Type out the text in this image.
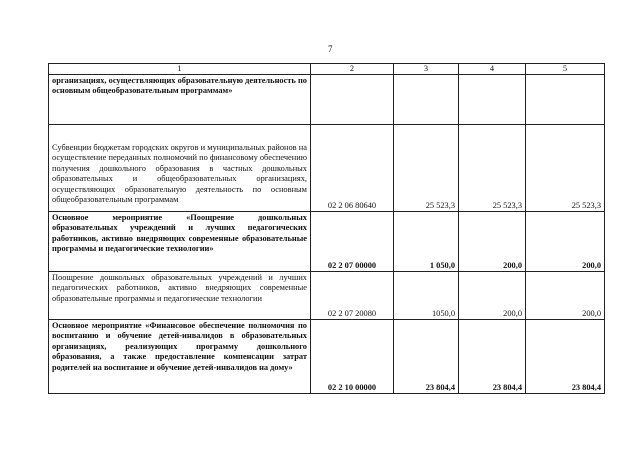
7
1	2	3	4	5
организациях, осуществляющих образовательную деятельность по основным общеобразовательным программам»				
Субвенции бюджетам городских округов и муниципальных районов на осуществление переданных полномочий по финансовому обеспечению получения дошкольного образования в частных дошкольных образовательных и общеобразовательных организациях, осуществляющих образовательную деятельность по основным общеобразовательным программам	02 2 06 80640	25 523,3	25 523,3	25 523,3
Основное мероприятие «Поощрение дошкольных образовательных учреждений и лучших педагогических работников, активно внедряющих современные образовательные программы и педагогические технологии»	02 2 07 00000	1 050,0	200,0	200,0
Поощрение дошкольных образовательных учреждений и лучших педагогических работников, активно внедряющих современные образовательные программы и педагогические технологии	02 2 07 20080	1050,0	200,0	200,0
Основное мероприятие «Финансовое обеспечение полномочия по воспитанию и обучение детей-инвалидов в образовательных организациях, реализующих программу дошкольного образования, а также предоставление компенсации затрат родителей на воспитание и обучение детей-инвалидов на дому»	02 2 10 00000	23 804,4	23 804,4	23 804,4
